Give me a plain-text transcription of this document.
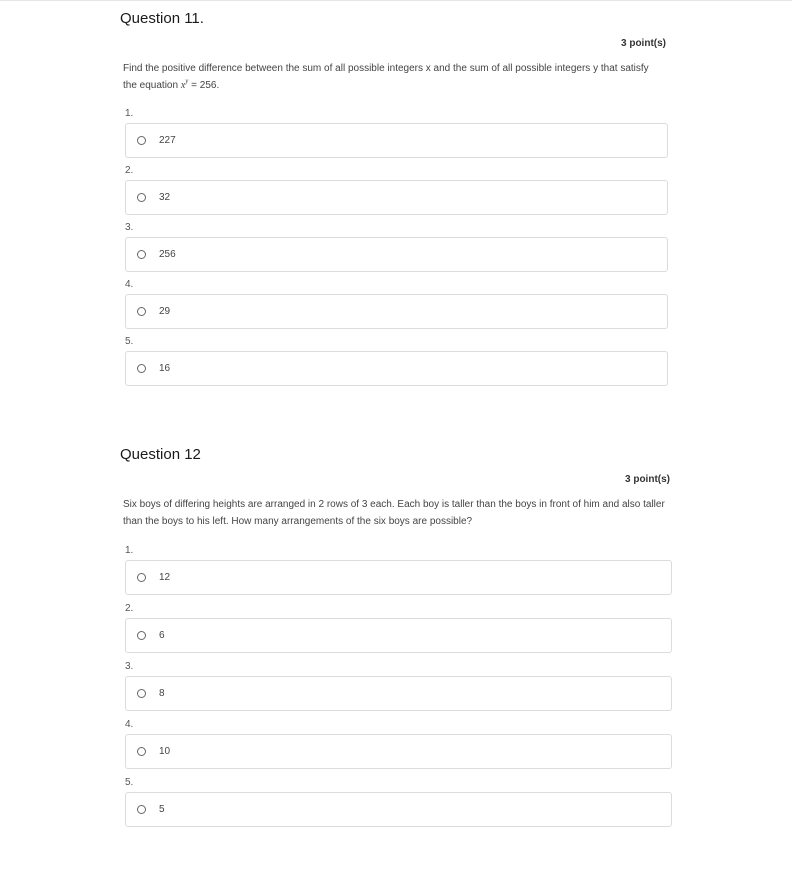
Question 11.
3 point(s)
Find the positive difference between the sum of all possible integers x and the sum of all possible integers y that satisfy the equation $x^y = 256$.
1.
227
2.
32
3.
256
4.
29
5.
16
Question 12
3 point(s)
Six boys of differing heights are arranged in 2 rows of 3 each. Each boy is taller than the boys in front of him and also taller than the boys to his left. How many arrangements of the six boys are possible?
1.
12
2.
6
3.
8
4.
10
5.
5
